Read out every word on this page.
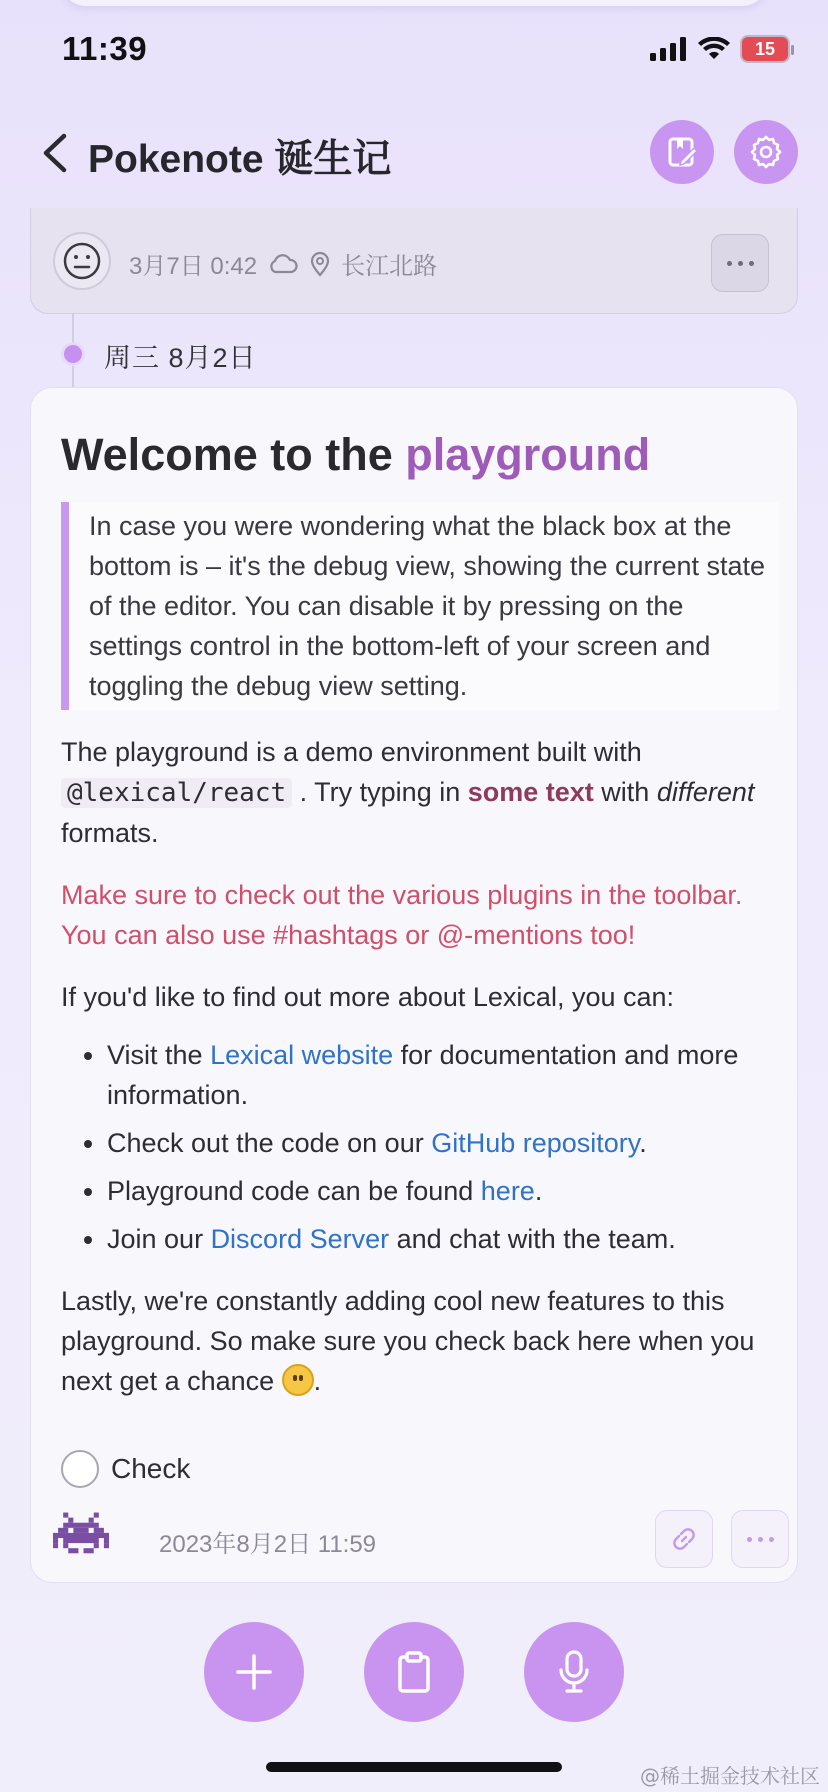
11:39	15
Pokenote 诞生记
3月7日 0:42	长江北路
周三 8月2日
Welcome to the playground
In case you were wondering what the black box at the bottom is – it's the debug view, showing the current state of the editor. You can disable it by pressing on the settings control in the bottom-left of your screen and toggling the debug view setting.
The playground is a demo environment built with @lexical/react . Try typing in some text with different formats.
Make sure to check out the various plugins in the toolbar. You can also use #hashtags or @-mentions too!
If you'd like to find out more about Lexical, you can:
• Visit the Lexical website for documentation and more information.
• Check out the code on our GitHub repository.
• Playground code can be found here.
• Join our Discord Server and chat with the team.
Lastly, we're constantly adding cool new features to this playground. So make sure you check back here when you next get a chance .
Check
2023年8月2日 11:59
@稀土掘金技术社区
